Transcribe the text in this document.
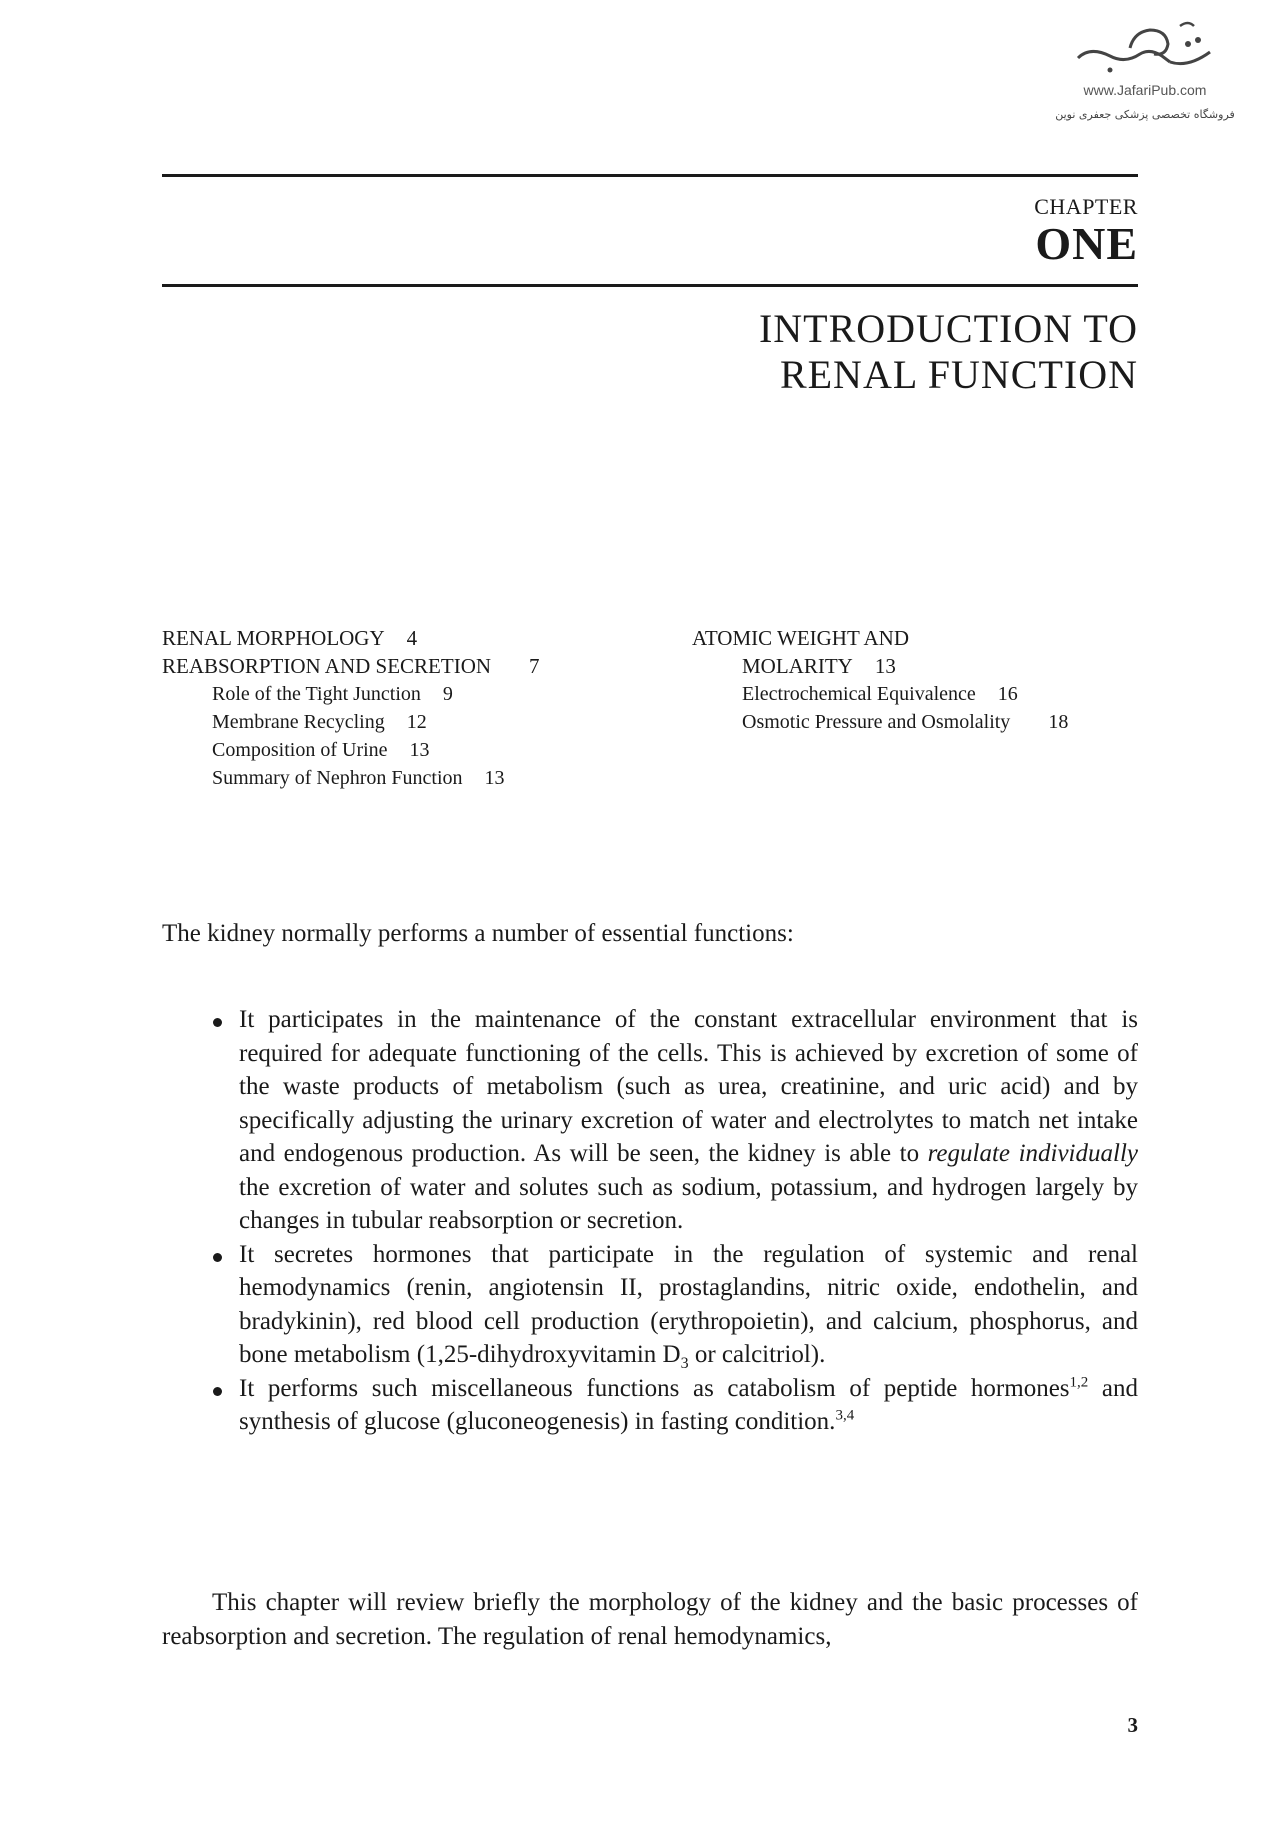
www.JafariPub.com
فروشگاه تخصصی پزشکی جعفری نوین
CHAPTER
ONE
INTRODUCTION TO
RENAL FUNCTION
RENAL MORPHOLOGY 4
REABSORPTION AND SECRETION 7
Role of the Tight Junction 9
Membrane Recycling 12
Composition of Urine 13
Summary of Nephron Function 13
ATOMIC WEIGHT AND
MOLARITY 13
Electrochemical Equivalence 16
Osmotic Pressure and Osmolality 18
The kidney normally performs a number of essential functions:
It participates in the maintenance of the constant extracellular environment that is required for adequate functioning of the cells. This is achieved by excretion of some of the waste products of metabolism (such as urea, creatinine, and uric acid) and by specifically adjusting the urinary excretion of water and electrolytes to match net intake and endogenous production. As will be seen, the kidney is able to regulate individually the excretion of water and solutes such as sodium, potassium, and hydrogen largely by changes in tubular reabsorption or secretion.
It secretes hormones that participate in the regulation of systemic and renal hemodynamics (renin, angiotensin II, prostaglandins, nitric oxide, endothelin, and bradykinin), red blood cell production (erythropoietin), and calcium, phosphorus, and bone metabolism (1,25-dihydroxyvitamin $D_3$ or calcitriol).
It performs such miscellaneous functions as catabolism of peptide hormones$^{1,2}$ and synthesis of glucose (gluconeogenesis) in fasting condition.$^{3,4}$
This chapter will review briefly the morphology of the kidney and the basic processes of reabsorption and secretion. The regulation of renal hemodynamics,
3
